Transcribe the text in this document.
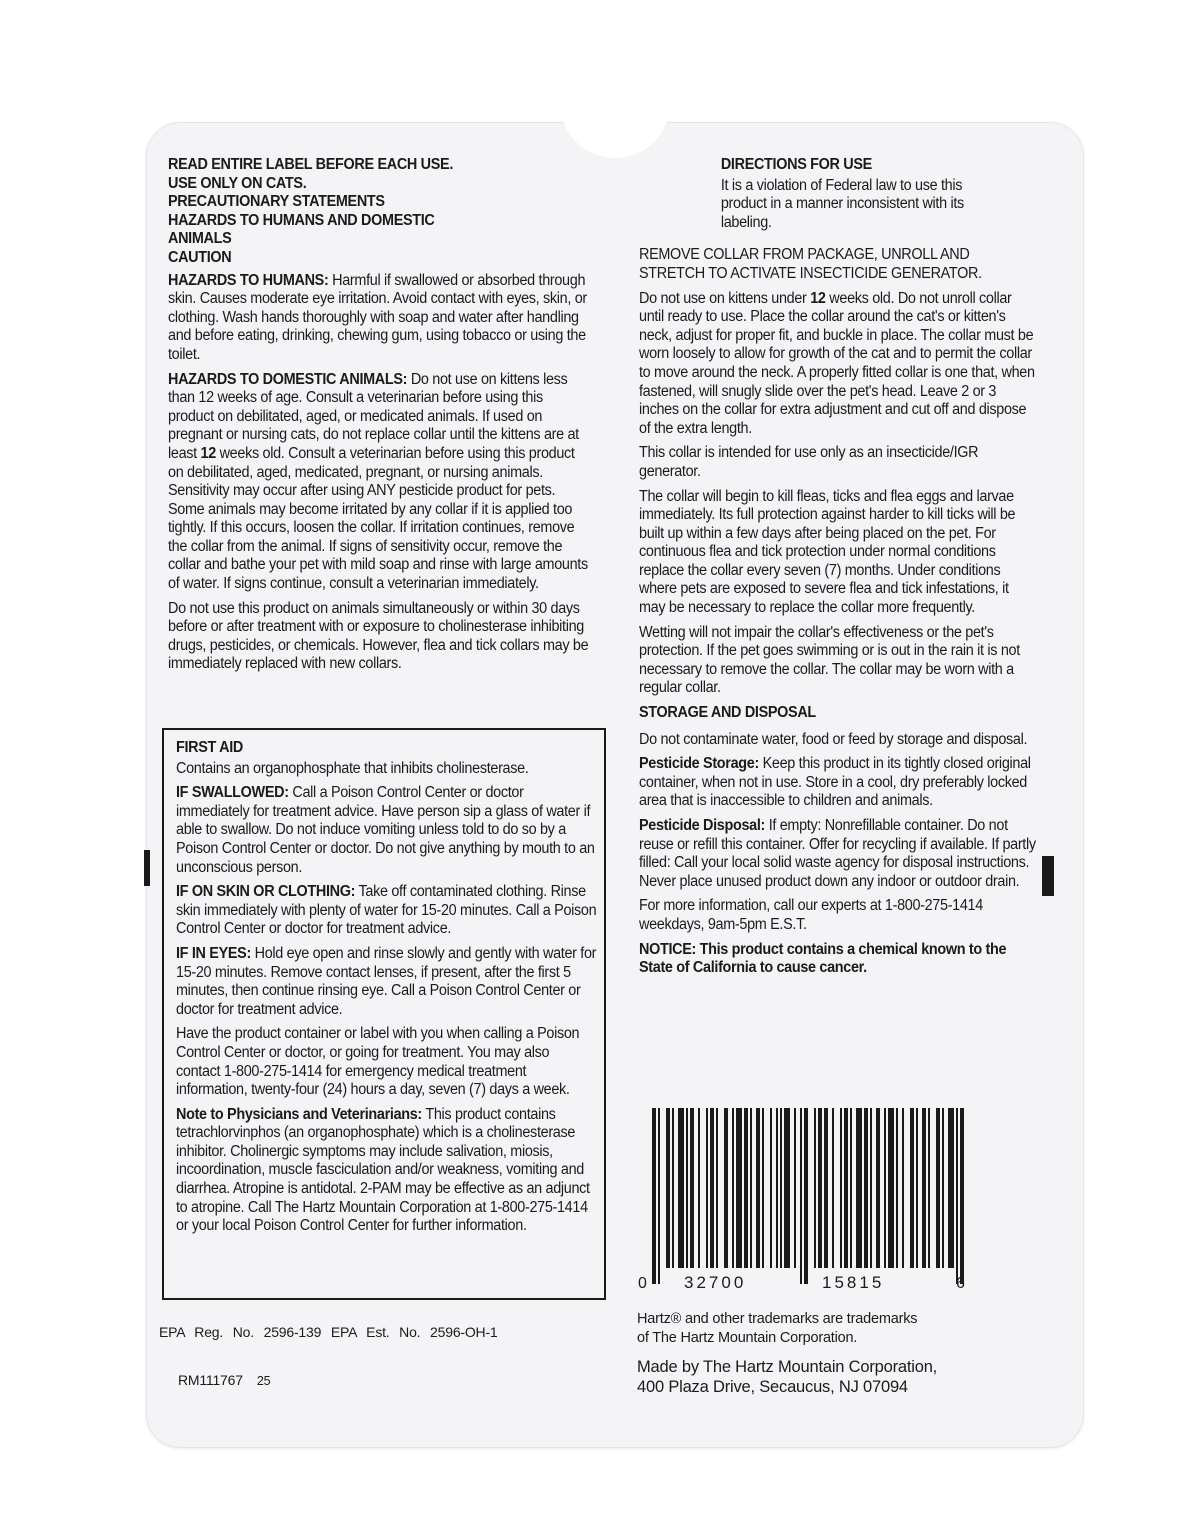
READ ENTIRE LABEL BEFORE EACH USE.

USE ONLY ON CATS.

PRECAUTIONARY STATEMENTS

HAZARDS TO HUMANS AND DOMESTIC ANIMALS

CAUTION

HAZARDS TO HUMANS: Harmful if swallowed or absorbed through skin. Causes moderate eye irritation. Avoid contact with eyes, skin, or clothing. Wash hands thoroughly with soap and water after handling and before eating, drinking, chewing gum, using tobacco or using the toilet.

HAZARDS TO DOMESTIC ANIMALS: Do not use on kittens less than 12 weeks of age. Consult a veterinarian before using this product on debilitated, aged, or medicated animals. If used on pregnant or nursing cats, do not replace collar until the kittens are at least 12 weeks old. Consult a veterinarian before using this product on debilitated, aged, medicated, pregnant, or nursing animals. Sensitivity may occur after using ANY pesticide product for pets. Some animals may become irritated by any collar if it is applied too tightly. If this occurs, loosen the collar. If irritation continues, remove the collar from the animal. If signs of sensitivity occur, remove the collar and bathe your pet with mild soap and rinse with large amounts of water. If signs continue, consult a veterinarian immediately.

Do not use this product on animals simultaneously or within 30 days before or after treatment with or exposure to cholinesterase inhibiting drugs, pesticides, or chemicals. However, flea and tick collars may be immediately replaced with new collars.

FIRST AID

Contains an organophosphate that inhibits cholinesterase.

IF SWALLOWED: Call a Poison Control Center or doctor immediately for treatment advice. Have person sip a glass of water if able to swallow. Do not induce vomiting unless told to do so by a Poison Control Center or doctor. Do not give anything by mouth to an unconscious person.

IF ON SKIN OR CLOTHING: Take off contaminated clothing. Rinse skin immediately with plenty of water for 15-20 minutes. Call a Poison Control Center or doctor for treatment advice.

IF IN EYES: Hold eye open and rinse slowly and gently with water for 15-20 minutes. Remove contact lenses, if present, after the first 5 minutes, then continue rinsing eye. Call a Poison Control Center or doctor for treatment advice.

Have the product container or label with you when calling a Poison Control Center or doctor, or going for treatment. You may also contact 1-800-275-1414 for emergency medical treatment information, twenty-four (24) hours a day, seven (7) days a week.

Note to Physicians and Veterinarians: This product contains tetrachlorvinphos (an organophosphate) which is a cholinesterase inhibitor. Cholinergic symptoms may include salivation, miosis, incoordination, muscle fasciculation and/or weakness, vomiting and diarrhea. Atropine is antidotal. 2-PAM may be effective as an adjunct to atropine. Call The Hartz Mountain Corporation at 1-800-275-1414 or your local Poison Control Center for further information.

EPA Reg. No. 2596-139 EPA Est. No. 2596-OH-1
RM111767 25

DIRECTIONS FOR USE

It is a violation of Federal law to use this product in a manner inconsistent with its labeling.

REMOVE COLLAR FROM PACKAGE, UNROLL AND STRETCH TO ACTIVATE INSECTICIDE GENERATOR.

Do not use on kittens under 12 weeks old. Do not unroll collar until ready to use. Place the collar around the cat's or kitten's neck, adjust for proper fit, and buckle in place. The collar must be worn loosely to allow for growth of the cat and to permit the collar to move around the neck. A properly fitted collar is one that, when fastened, will snugly slide over the pet's head. Leave 2 or 3 inches on the collar for extra adjustment and cut off and dispose of the extra length.

This collar is intended for use only as an insecticide/IGR generator.

The collar will begin to kill fleas, ticks and flea eggs and larvae immediately. Its full protection against harder to kill ticks will be built up within a few days after being placed on the pet. For continuous flea and tick protection under normal conditions replace the collar every seven (7) months. Under conditions where pets are exposed to severe flea and tick infestations, it may be necessary to replace the collar more frequently.

Wetting will not impair the collar's effectiveness or the pet's protection. If the pet goes swimming or is out in the rain it is not necessary to remove the collar. The collar may be worn with a regular collar.

STORAGE AND DISPOSAL

Do not contaminate water, food or feed by storage and disposal.

Pesticide Storage: Keep this product in its tightly closed original container, when not in use. Store in a cool, dry preferably locked area that is inaccessible to children and animals.

Pesticide Disposal: If empty: Nonrefillable container. Do not reuse or refill this container. Offer for recycling if available. If partly filled: Call your local solid waste agency for disposal instructions. Never place unused product down any indoor or outdoor drain.

For more information, call our experts at 1-800-275-1414 weekdays, 9am-5pm E.S.T.

NOTICE: This product contains a chemical known to the State of California to cause cancer.

0 32700	15815	6
Hartz® and other trademarks are trademarks
of The Hartz Mountain Corporation.
Made by The Hartz Mountain Corporation,
400 Plaza Drive, Secaucus, NJ 07094
